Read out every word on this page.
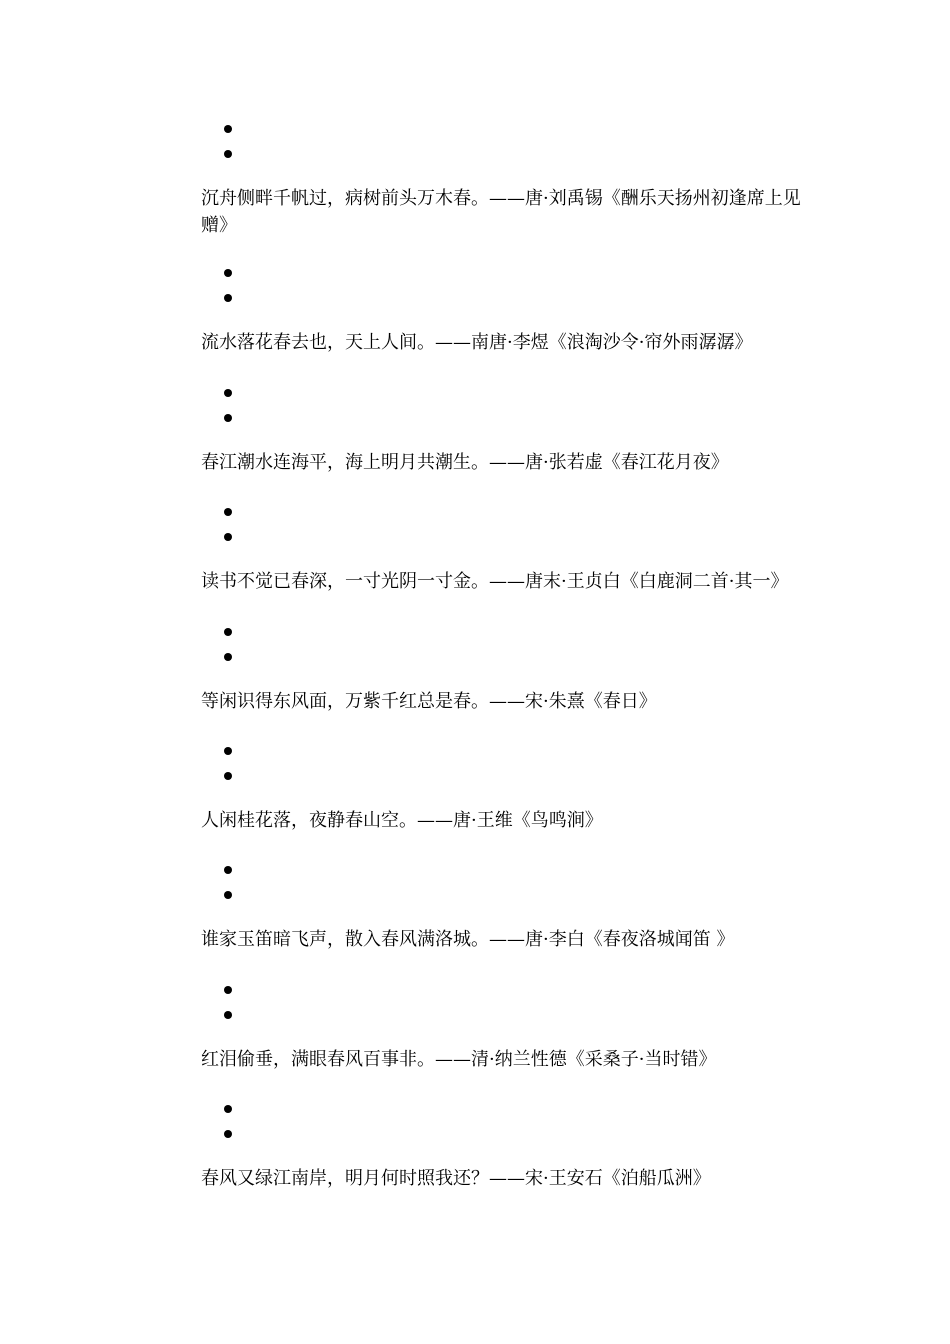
沉舟侧畔千帆过，病树前头万木春。——唐·刘禹锡《酬乐天扬州初逢席上见赠》
流水落花春去也，天上人间。——南唐·李煜《浪淘沙令·帘外雨潺潺》
春江潮水连海平，海上明月共潮生。——唐·张若虚《春江花月夜》
读书不觉已春深，一寸光阴一寸金。——唐末·王贞白《白鹿洞二首·其一》
等闲识得东风面，万紫千红总是春。——宋·朱熹《春日》
人闲桂花落，夜静春山空。——唐·王维《鸟鸣涧》
谁家玉笛暗飞声，散入春风满洛城。——唐·李白《春夜洛城闻笛 》
红泪偷垂，满眼春风百事非。——清·纳兰性德《采桑子·当时错》
春风又绿江南岸，明月何时照我还？——宋·王安石《泊船瓜洲》
